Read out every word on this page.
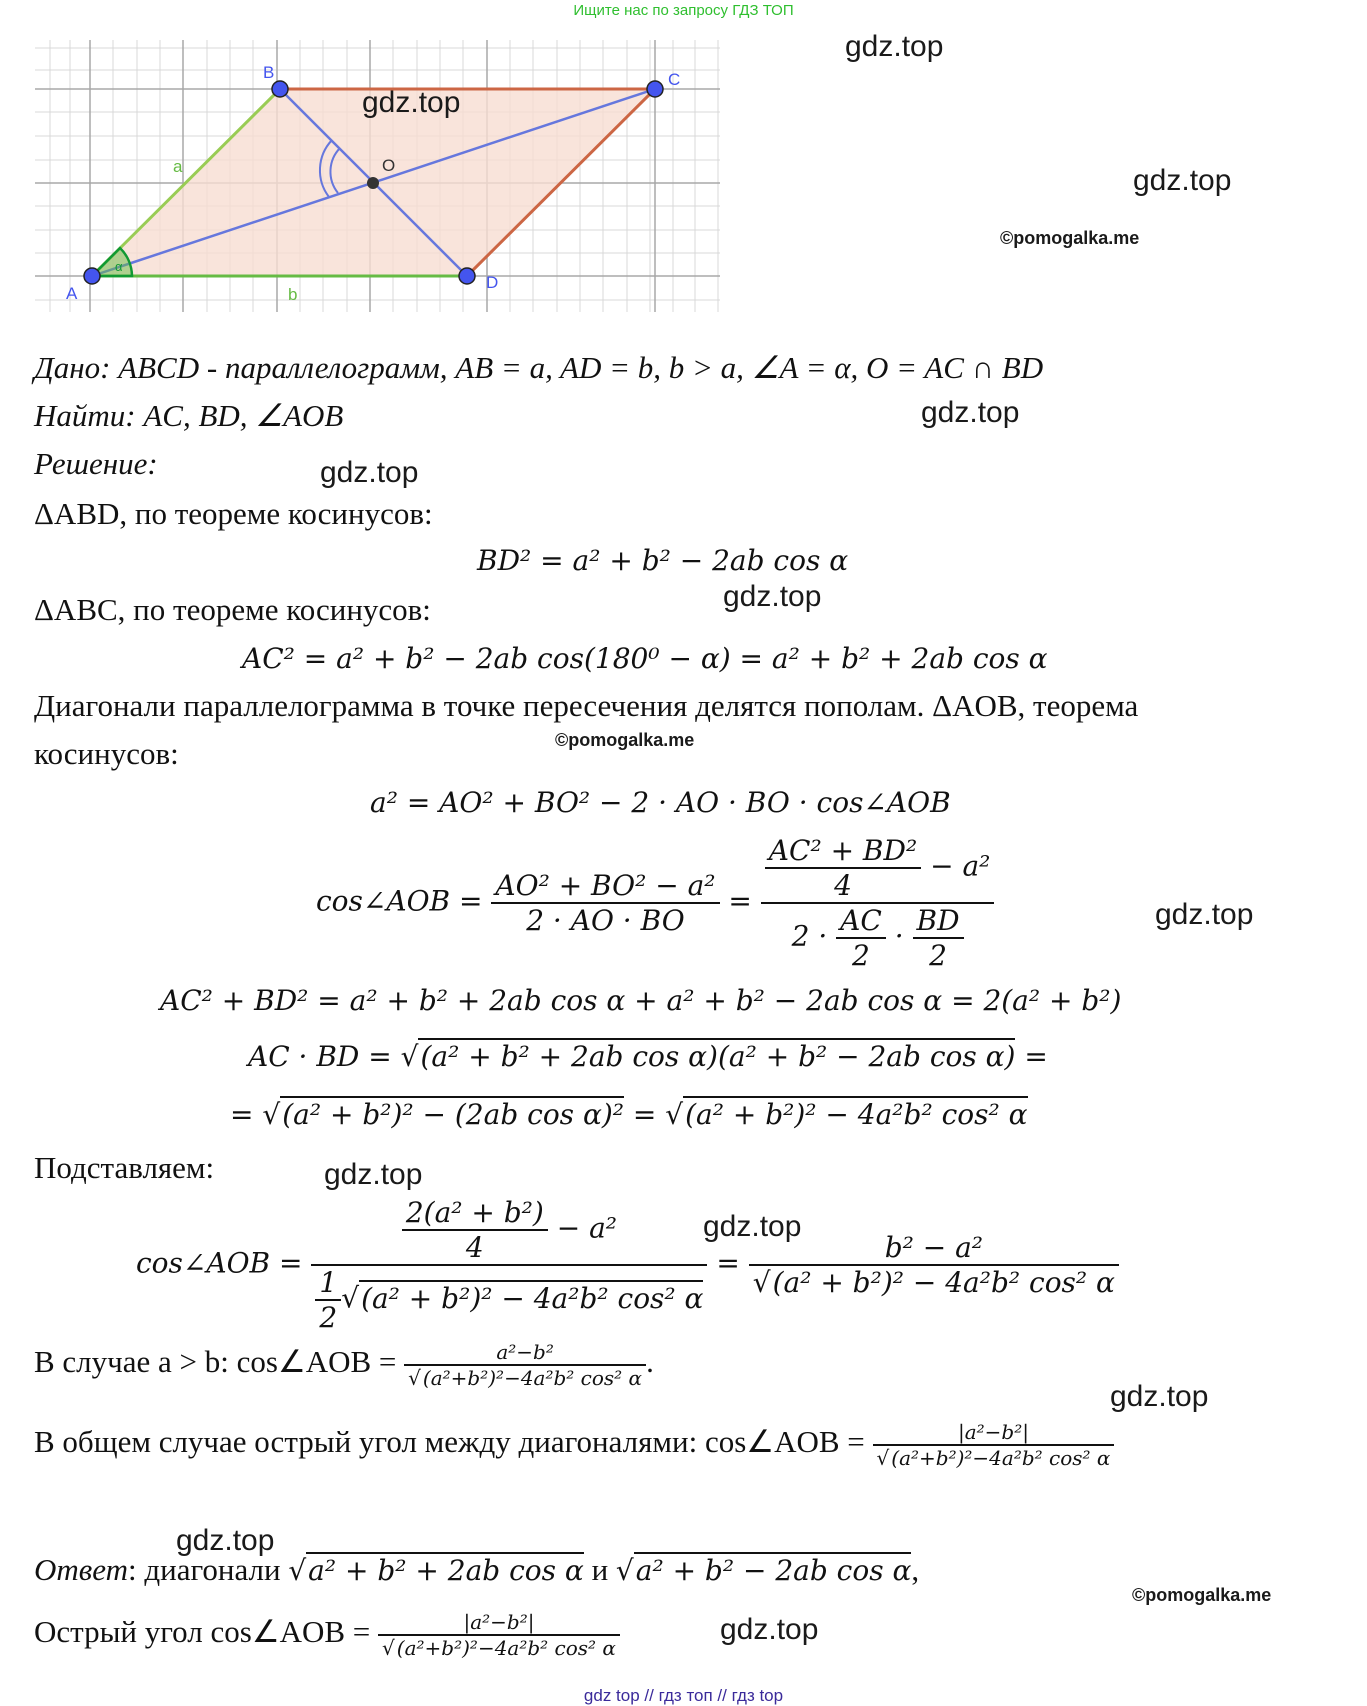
Ищите нас по запросу ГДЗ ТОП
A
B	C
D
O
a
b
α
gdz.top
gdz.top
gdz.top
©pomogalka.me
gdz.top
gdz.top
gdz.top
©pomogalka.me
gdz.top
gdz.top
gdz.top
gdz.top
gdz.top
gdz.top
©pomogalka.me
Дано: ABCD - параллелограмм, AB = a, AD = b, b > a, ∠A = α, O = AC ∩ BD
Найти: AC, BD, ∠AOB
Решение:
ΔABD, по теореме косинусов:
BD² = a² + b² − 2ab cos α
ΔABC, по теореме косинусов:
AC² = a² + b² − 2ab cos(180⁰ − α) = a² + b² + 2ab cos α
Диагонали параллелограмма в точке пересечения делятся пополам. ΔAOB, теорема
косинусов:
a² = AO² + BO² − 2 · AO · BO · cos∠AOB
cos∠AOB = $\frac{\text{AO² + BO² − a²}}{2 \cdot AO \cdot BO} = \frac{\frac{\text{AC² + BD²}}{4} - a^2}{2 \cdot \frac{AC}{2} \cdot \frac{BD}{2}}$
AC² + BD² = a² + b² + 2ab cos α + a² + b² − 2ab cos α = 2(a² + b²)
AC · BD = √(a² + b² + 2ab cos α)(a² + b² − 2ab cos α) =
= √(a² + b²)² − (2ab cos α)² = √(a² + b²)² − 4a²b² cos² α
Подставляем:
cos∠AOB = $\frac{\frac{\text{2(a² + b²)}}{4} - a^2}{\frac{1}{2} √(a^2 + b^2)^2 - 4a^2b^2 \cos^2 \alpha} = \frac{\text{b² − a²}}{\text{√(a² + b²)² − 4a²b² cos² α}}$
В случае a > b: cos∠AOB = $\frac{\text{a²−b²}}{\text{√ (a²+b²)²−4a²b² cos² α}}$ .
В общем случае острый угол между диагоналями: cos∠AOB = $\frac{\text{|a²−b²|}}{\text{√ (a²+b²)²−4a²b² cos² α}}$
Ответ: диагонали √a² + b² + 2ab cos α и √a² + b² − 2ab cos α,
Острый угол cos∠AOB = $\frac{\text{|a²−b²|}}{\text{√ (a²+b²)²−4a²b² cos² α}}$
gdz top // гдз топ // гдз top
